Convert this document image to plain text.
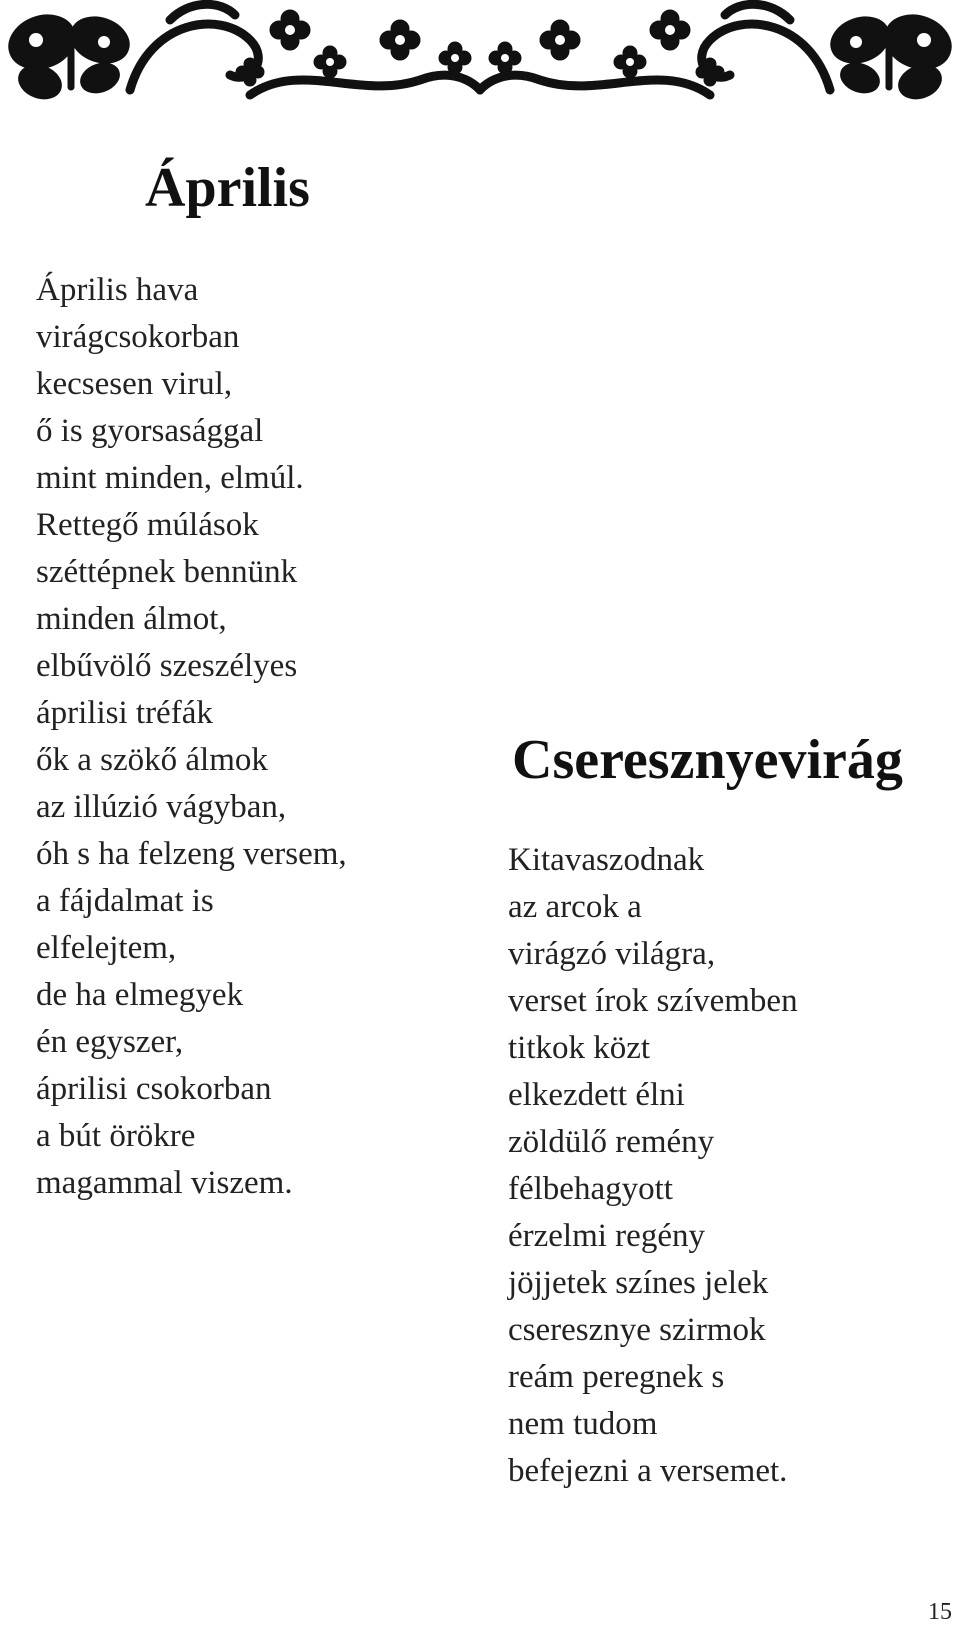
Április
Április hava
virágcsokorban
kecsesen virul,
ő is gyorsasággal
mint minden, elmúl.
Rettegő múlások
széttépnek bennünk
minden álmot,
elbűvölő szeszélyes
áprilisi tréfák
ők a szökő álmok
az illúzió vágyban,
óh s ha felzeng versem,
a fájdalmat is
elfelejtem,
de ha elmegyek
én egyszer,
áprilisi csokorban
a bút örökre
magammal viszem.
Cseresznyevirág
Kitavaszodnak
az arcok a
virágzó világra,
verset írok szívemben
titkok közt
elkezdett élni
zöldülő remény
félbehagyott
érzelmi regény
jöjjetek színes jelek
cseresznye szirmok
reám peregnek s
nem tudom
befejezni a versemet.
15
